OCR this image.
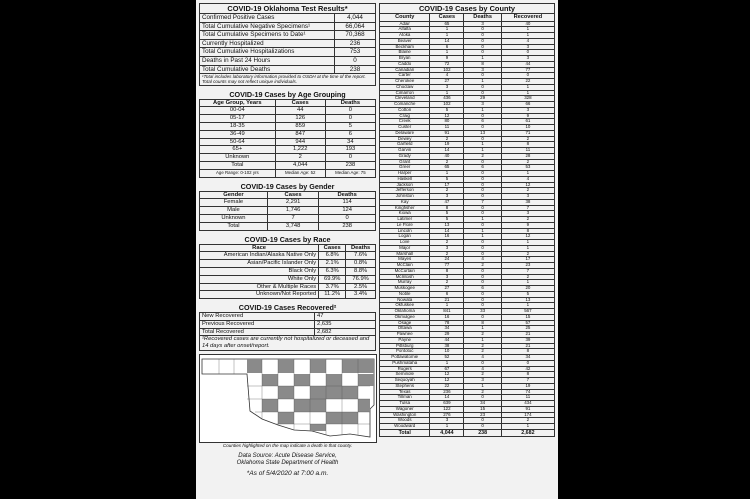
COVID-19 Oklahoma Test Results*	
Confirmed Positive Cases	4,044
Total Cumulative Negative Specimens¹	66,064
Total Cumulative Specimens to Date¹	70,368
Currently Hospitalized	236
Total Cumulative Hospitalizations	753
Deaths in Past 24 Hours	0
Total Cumulative Deaths	238
¹Total includes laboratory information provided to OSDH at the time of the report. Total counts may not reflect unique individuals.	
COVID-19 Cases by Age Grouping
Age Group, Years	Cases	Deaths
00-04	44	0
05-17	126	0
18-35	859	5
36-49	847	6
50-64	944	34
65+	1,222	193
Unknown	2	0
Total	4,044	238
Age Range: 0-102 yrs	Median Age: 52	Median Age: 75
COVID-19 Cases by Gender
Gender	Cases	Deaths
Female	2,291	114
Male	1,746	124
Unknown	7	0
Total	3,748	238
COVID-19 Cases by Race
Race	Cases	Deaths
American Indian/Alaska Native Only	6.8%	7.6%
Asian/Pacific Islander Only	2.1%	0.8%
Black Only	6.3%	8.8%
White Only	69.9%	76.9%
Other & Multiple Races	3.7%	2.5%
Unknown/Not Reported	11.2%	3.4%
COVID-19 Cases Recovered²
New Recovered	47
Previous Recovered	2,635
Total Recovered	2,682
²Recovered cases are currently not hospitalized or deceased and 14 days after onset/report.	
Counties highlighted on the map indicate a death in that county.
Data Source: Acute Disease Service,
Oklahoma State Department of Health
*As of 5/4/2020 at 7:00 a.m.
COVID-19 Cases by County			
County	Cases	Deaths	Recovered
Adair	65	3	40
Alfalfa	1	0	1
Atoka	1	0	1
Beaver	14	0	4
Beckham	6	0	3
Blaine	1	0	0
Bryan	9	1	3
Caddo	72	8	44
Canadian	102	3	77
Carter	4	0	0
Cherokee	27	1	22
Choctaw	3	0	1
Cimarron	1	0	1
Cleveland	436	29	328
Comanche	102	3	66
Cotton	5	1	3
Craig	12	0	9
Creek	80	6	61
Custer	11	0	10
Delaware	91	13	71
Dewey	2	0	2
Garfield	19	1	8
Garvin	14	1	11
Grady	40	2	28
Grant	2	0	2
Greer	65	6	53
Harper	1	0	1
Haskell	5	0	4
Jackson	17	0	12
Jefferson	2	0	2
Johnston	3	0	3
Kay	47	7	38
Kingfisher	8	0	7
Kiowa	5	0	3
Latimer	5	1	2
Le Flore	13	0	9
Lincoln	14	1	8
Logan	16	1	12
Love	2	0	1
Major	3	0	1
Marshall	2	0	2
Mayes	24	4	17
McClain	77	2	23
McCurtain	8	0	7
McIntosh	3	0	2
Murray	2	0	1
Muskogee	27	6	20
Noble	6	0	5
Nowata	21	0	13
Okfuskee	1	0	1
Oklahoma	841	33	567
Okmulgee	16	0	15
Osage	78	8	57
Ottawa	34	1	25
Pawnee	29	2	21
Payne	44	1	39
Pittsburg	38	2	21
Pontotoc	10	2	8
Pottawatomie	52	4	34
Pushmataha	1	0	0
Rogers	67	4	42
Seminole	12	2	8
Sequoyah	12	3	7
Stephens	22	1	19
Texas	236	2	74
Tillman	14	0	11
Tulsa	639	34	434
Wagoner	122	15	91
Washington	276	23	174
Woods	3	0	2
Woodward	1	0	1
Total	4,044	238	2,682
